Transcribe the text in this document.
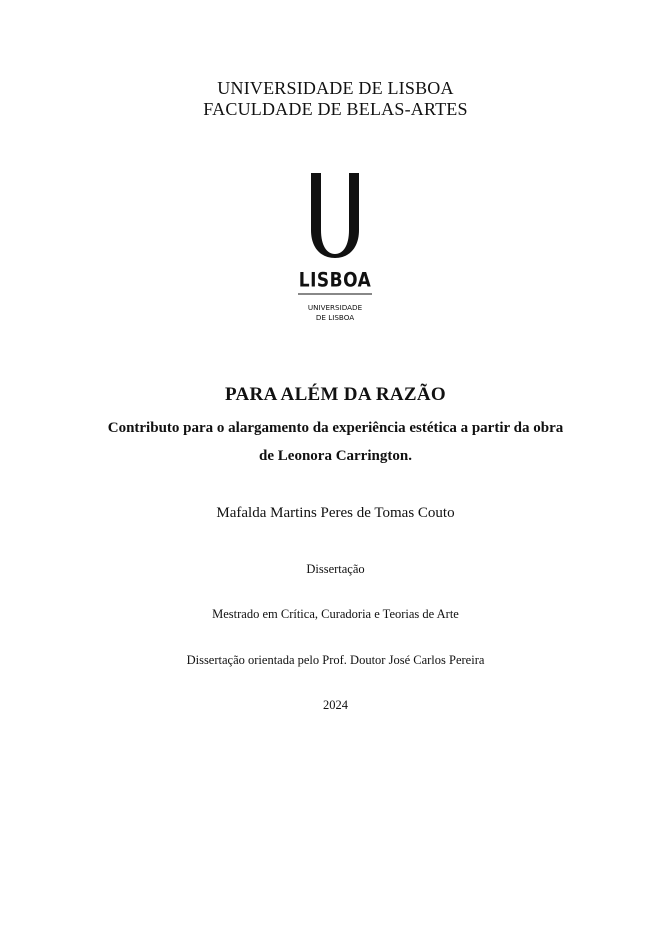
UNIVERSIDADE DE LISBOA
FACULDADE DE BELAS-ARTES
LISBOA
UNIVERSIDADE
DE LISBOA
PARA ALÉM DA RAZÃO
Contributo para o alargamento da experiência estética a partir da obra
de Leonora Carrington.
Mafalda Martins Peres de Tomas Couto
Dissertação
Mestrado em Crítica, Curadoria e Teorias de Arte
Dissertação orientada pelo Prof. Doutor José Carlos Pereira
2024
